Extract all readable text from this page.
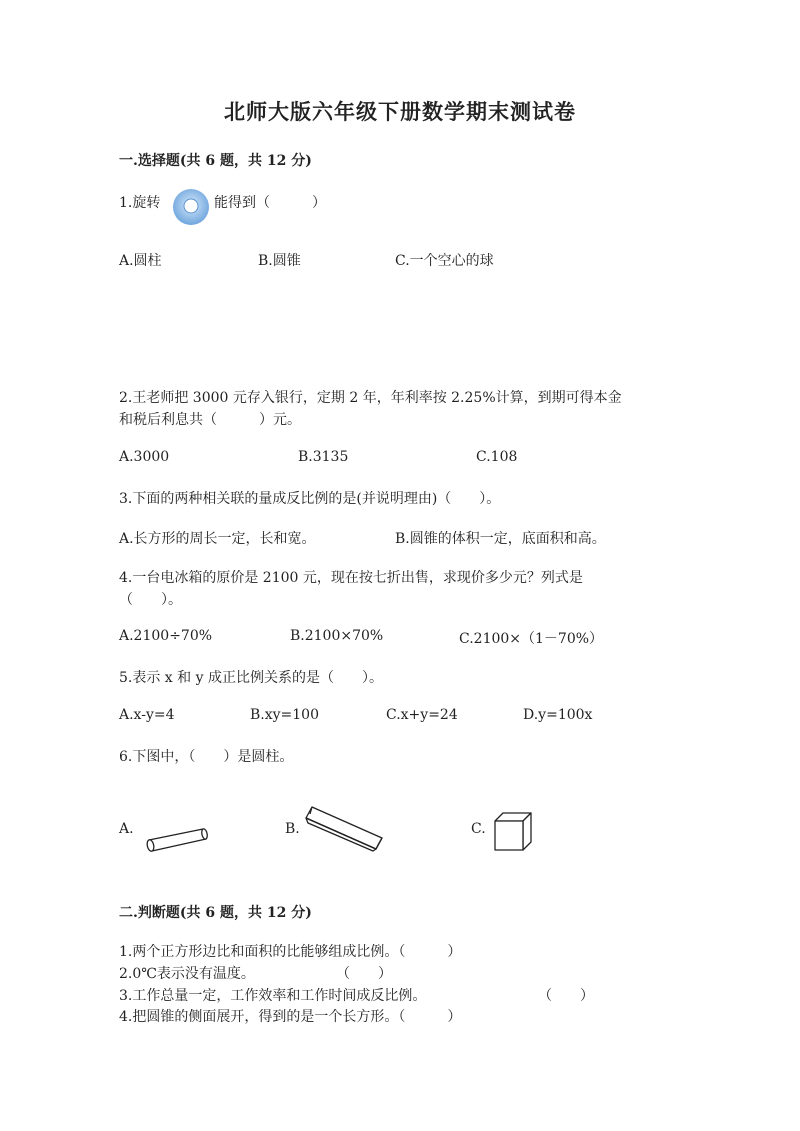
北师大版六年级下册数学期末测试卷
一.选择题(共 6 题，共 12 分)
1.旋转	能得到（　　　）
A.圆柱	B.圆锥	C.一个空心的球
2.王老师把 3000 元存入银行，定期 2 年，年利率按 2.25%计算，到期可得本金
和税后利息共（　　　）元。
A.3000	B.3135	C.108
3.下面的两种相关联的量成反比例的是(并说明理由)（　　）。
A.长方形的周长一定，长和宽。	B.圆锥的体积一定，底面积和高。
4.一台电冰箱的原价是 2100 元，现在按七折出售，求现价多少元？列式是
（　　）。
A.2100÷70%	B.2100×70%	C.2100×（1－70%）
5.表示 x 和 y 成正比例关系的是（　　）。
A.x-y=4	B.xy=100	C.x+y=24	D.y=100x
6.下图中，（　　）是圆柱。
A.	B.	C.
二.判断题(共 6 题，共 12 分)
1.两个正方形边比和面积的比能够组成比例。（　　　）
2.0℃表示没有温度。	（　　）
3.工作总量一定，工作效率和工作时间成反比例。	（　　）
4.把圆锥的侧面展开，得到的是一个长方形。（　　　）
